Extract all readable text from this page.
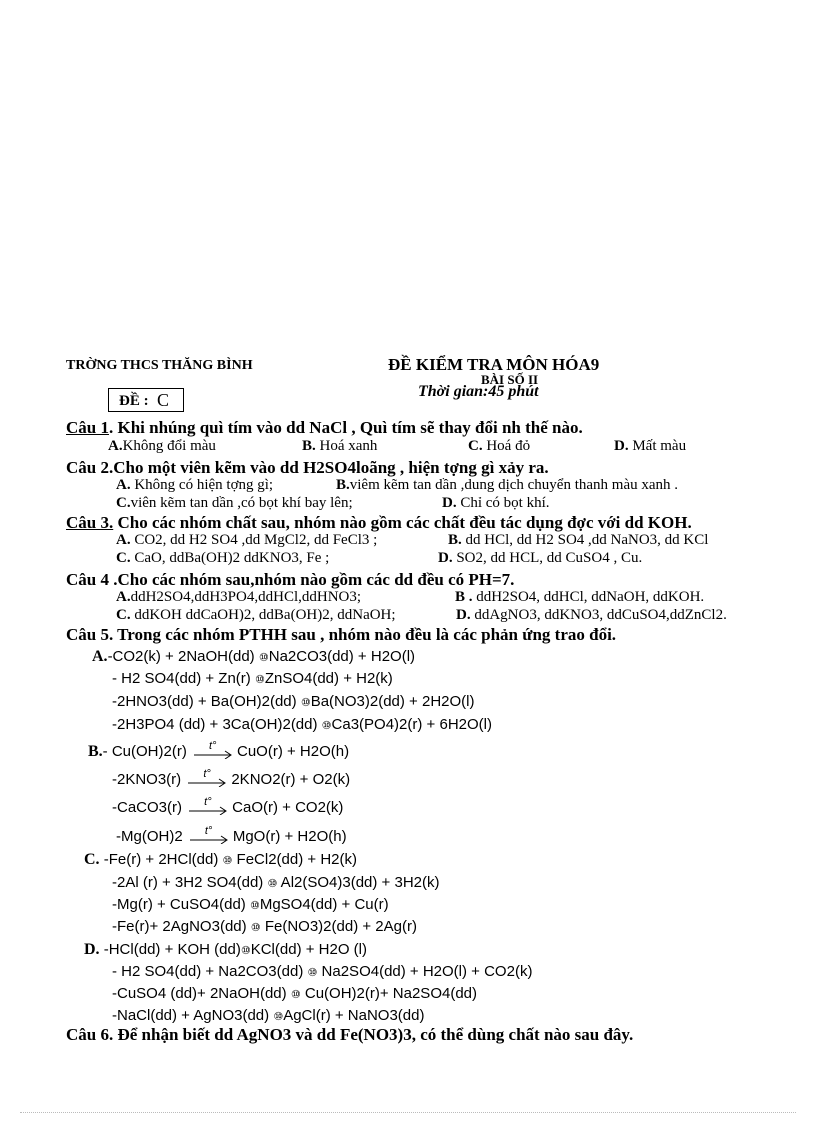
TRỜNG THCS THĂNG BÌNH	ĐỀ KIỂM TRA MÔN HÓA9
BÀI SỐ II
Thời gian:45 phút
ĐỀ : C
Câu 1. Khi nhúng quì tím vào dd NaCl , Quì tím sẽ thay đổi nh thế nào.
A.Không đổi màu	B. Hoá xanh	C. Hoá đỏ	D. Mất màu
Câu 2.Cho một viên kẽm vào dd H2SO4loãng , hiện tợng gì xảy ra.
A. Không có hiện tợng gì;	B.viêm kẽm tan dần ,dung dịch chuyển thanh màu xanh .
C.viên kẽm tan dần ,có bọt khí bay lên;	D. Chỉ có bọt khí.
Câu 3. Cho các nhóm chất sau, nhóm nào gồm các chất đều tác dụng đợc với dd KOH.
A. CO2, dd H2 SO4 ,dd MgCl2, dd FeCl3 ;	B. dd HCl, dd H2 SO4 ,dd NaNO3, dd KCl
C. CaO, ddBa(OH)2 ddKNO3, Fe ;	D. SO2, dd HCL, dd CuSO4 , Cu.
Câu 4 .Cho các nhóm sau,nhóm nào gồm các dd đều có PH=7.
A.ddH2SO4,ddH3PO4,ddHCl,ddHNO3;	B . ddH2SO4, ddHCl, ddNaOH, ddKOH.
C. ddKOH ddCaOH)2, ddBa(OH)2, ddNaOH;	D. ddAgNO3, ddKNO3, ddCuSO4,ddZnCl2.
Câu 5. Trong các nhóm PTHH sau , nhóm nào đều là các phản ứng trao đổi.
A.-CO2(k) + 2NaOH(dd) ⑩Na2CO3(dd) + H2O(l)
- H2 SO4(dd) + Zn(r) ⑩ZnSO4(dd) + H2(k)
-2HNO3(dd) + Ba(OH)2(dd) ⑩Ba(NO3)2(dd) + 2H2O(l)
-2H3PO4 (dd) + 3Ca(OH)2(dd) ⑩Ca3(PO4)2(r) + 6H2O(l)
B.- Cu(OH)2(r) t° CuO(r) + H2O(h)
-2KNO3(r) t° 2KNO2(r) + O2(k)
-CaCO3(r) t° CaO(r) + CO2(k)
-Mg(OH)2 t° MgO(r) + H2O(h)
C. -Fe(r) + 2HCl(dd) ⑩ FeCl2(dd) + H2(k)
-2Al (r) + 3H2 SO4(dd) ⑩ Al2(SO4)3(dd) + 3H2(k)
-Mg(r) + CuSO4(dd) ⑩MgSO4(dd) + Cu(r)
-Fe(r)+ 2AgNO3(dd) ⑩ Fe(NO3)2(dd) + 2Ag(r)
D. -HCl(dd) + KOH (dd)⑩KCl(dd) + H2O (l)
- H2 SO4(dd) + Na2CO3(dd) ⑩ Na2SO4(dd) + H2O(l) + CO2(k)
-CuSO4 (dd)+ 2NaOH(dd) ⑩ Cu(OH)2(r)+ Na2SO4(dd)
-NaCl(dd) + AgNO3(dd) ⑩AgCl(r) + NaNO3(dd)
Câu 6. Để nhận biết dd AgNO3 và dd Fe(NO3)3, có thể dùng chất nào sau đây.
